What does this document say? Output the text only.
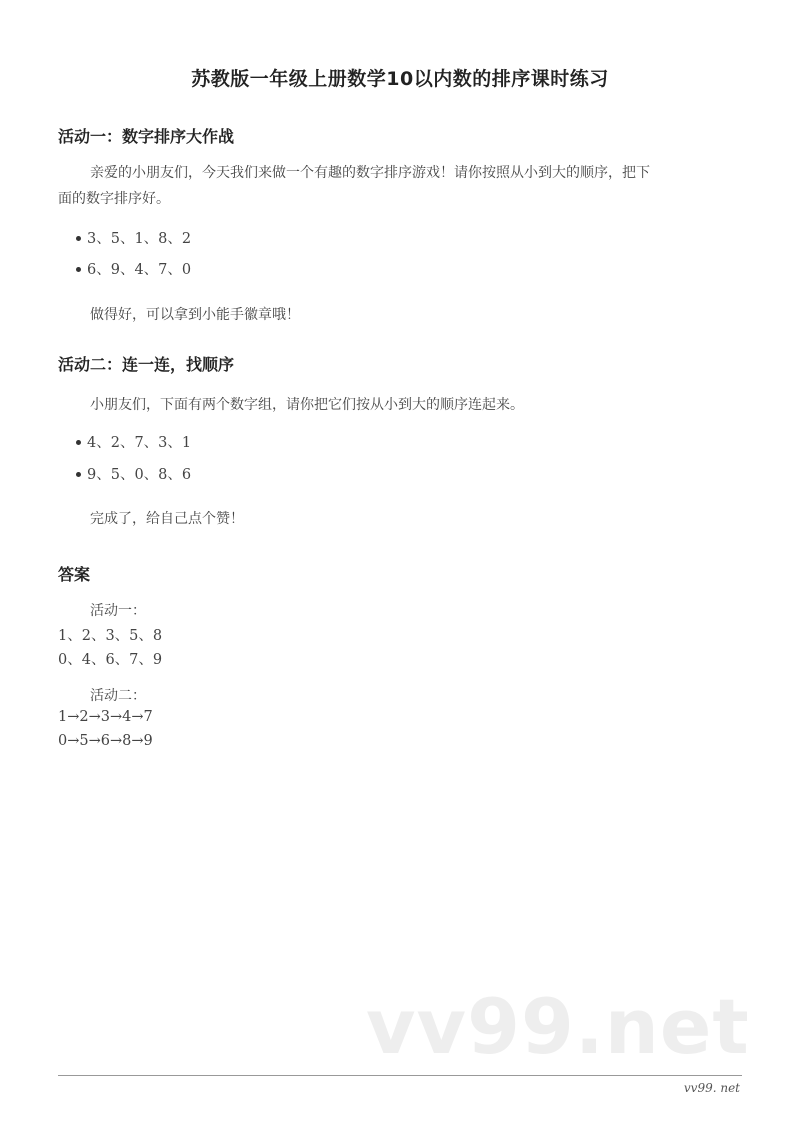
苏教版一年级上册数学10以内数的排序课时练习
活动一：数字排序大作战
亲爱的小朋友们，今天我们来做一个有趣的数字排序游戏！请你按照从小到大的顺序，把下
面的数字排序好。
3、5、1、8、2
6、9、4、7、0
做得好，可以拿到小能手徽章哦！
活动二：连一连，找顺序
小朋友们，下面有两个数字组，请你把它们按从小到大的顺序连起来。
4、2、7、3、1
9、5、0、8、6
完成了，给自己点个赞！
答案
活动一：
1、2、3、5、8
0、4、6、7、9
活动二：
1→2→3→4→7
0→5→6→8→9
vv99.net
vv99. net
